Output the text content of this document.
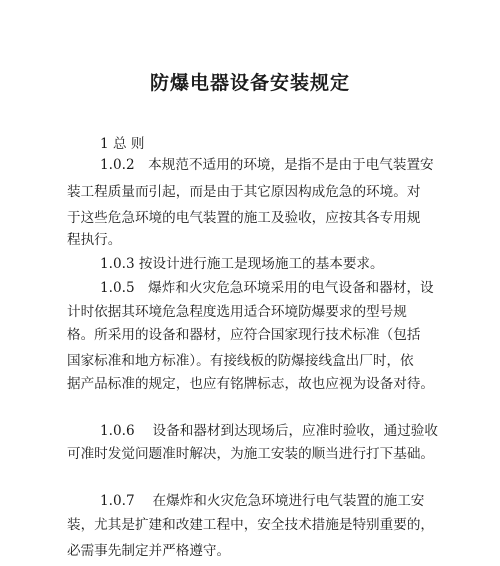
防爆电器设备安装规定

1 总 则

1.0.2　本规范不适用的环境，是指不是由于电气装置安

装工程质量而引起，而是由于其它原因构成危急的环境。对

于这些危急环境的电气装置的施工及验收，应按其各专用规

程执行。

1.0.3 按设计进行施工是现场施工的基本要求。

1.0.5　爆炸和火灾危急环境采用的电气设备和器材，设

计时依据其环境危急程度选用适合环境防爆要求的型号规

格。所采用的设备和器材，应符合国家现行技术标准（包括

国家标准和地方标准）。有接线板的防爆接线盒出厂时，依

据产品标准的规定，也应有铭牌标志，故也应视为设备对待。

1.0.6　 设备和器材到达现场后，应准时验收，通过验收

可准时发觉问题准时解决，为施工安装的顺当进行打下基础。

1.0.7　 在爆炸和火灾危急环境进行电气装置的施工安

装，尤其是扩建和改建工程中，安全技术措施是特别重要的，

必需事先制定并严格遵守。
